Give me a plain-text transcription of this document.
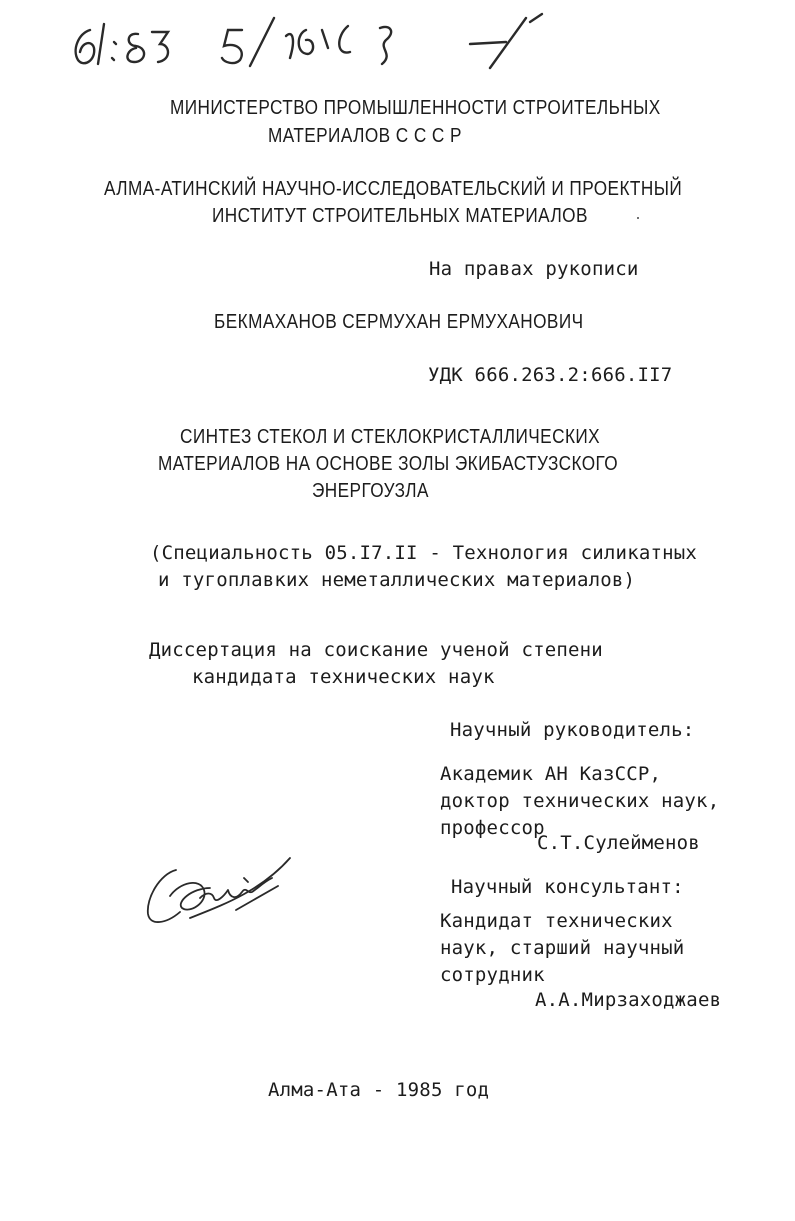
МИНИСТЕРСТВО ПРОМЫШЛЕННОСТИ СТРОИТЕЛЬНЫХ
МАТЕРИАЛОВ С С С Р
АЛМА-АТИНСКИЙ НАУЧНО-ИССЛЕДОВАТЕЛЬСКИЙ И ПРОЕКТНЫЙ
ИНСТИТУТ СТРОИТЕЛЬНЫХ МАТЕРИАЛОВ
На правах рукописи
БЕКМАХАНОВ СЕРМУХАН ЕРМУХАНОВИЧ
УДК 666.263.2:666.II7
СИНТЕЗ СТЕКОЛ И СТЕКЛОКРИСТАЛЛИЧЕСКИХ
МАТЕРИАЛОВ НА ОСНОВЕ ЗОЛЫ ЭКИБАСТУЗСКОГО
ЭНЕРГОУЗЛА
(Специальность 05.I7.II - Технология силикатных
и тугоплавких неметаллических материалов)
Диссертация на соискание ученой степени
кандидата технических наук
Научный руководитель:
Академик АН КазССР,
доктор технических наук,
профессор
С.Т.Сулейменов
Научный консультант:
Кандидат технических
наук, старший научный
сотрудник
А.А.Мирзаходжаев
Алма-Ата - 1985 год
